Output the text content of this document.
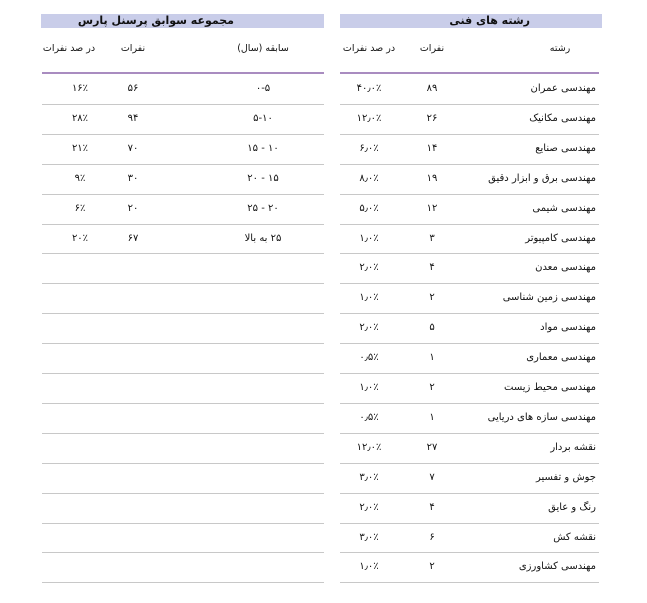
مجموعه سوابق پرسنل پارس	رشته های فنی
سابقه (سال)
نفرات
در صد نفرات	رشته
نفرات
در صد نفرات
مهندسی عمران
۸۹
۴۰٫۰٪
مهندسی مکانیک
۲۶
۱۲٫۰٪
مهندسی صنایع
۱۴
۶٫۰٪
مهندسی برق و ابزار دقیق
۱۹
۸٫۰٪
مهندسی شیمی
۱۲
۵٫۰٪
مهندسی کامپیوتر
۳
۱٫۰٪
مهندسی معدن
۴
۲٫۰٪
مهندسی زمین شناسی
۲
۱٫۰٪
مهندسی مواد
۵
۲٫۰٪
مهندسی معماری
۱
۰٫۵٪
مهندسی محیط زیست
۲
۱٫۰٪
مهندسی سازه های دریایی
۱
۰٫۵٪
نقشه بردار
۲۷
۱۲٫۰٪
جوش و تفسیر
۷
۳٫۰٪
رنگ و عایق
۴
۲٫۰٪
نقشه کش
۶
۳٫۰٪
مهندسی کشاورزی
۲
۱٫۰٪
۰-۵
۵۶
۱۶٪
۵-۱۰
۹۴
۲۸٪
۱۰ - ۱۵
۷۰
۲۱٪
۱۵ - ۲۰
۳۰
۹٪
۲۰ - ۲۵
۲۰
۶٪
۲۵ به بالا
۶۷
۲۰٪
